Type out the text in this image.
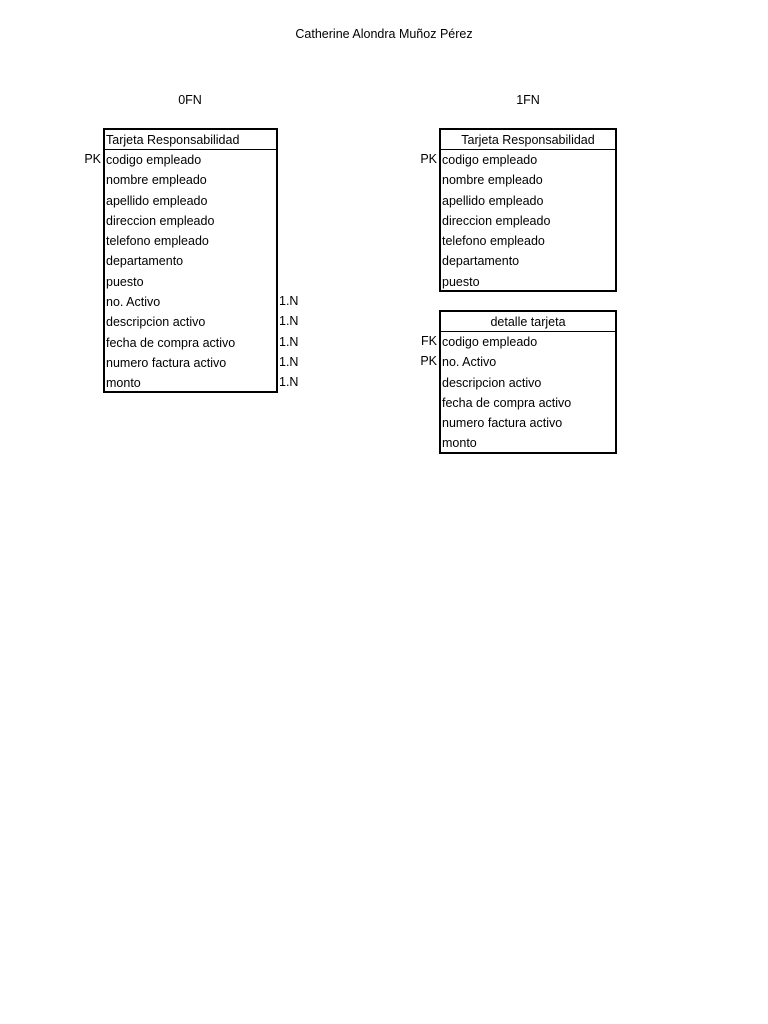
Catherine Alondra Muñoz Pérez
0FN	1FN
Tarjeta Responsabilidad
codigo empleado
nombre empleado
apellido empleado
direccion empleado
telefono empleado
departamento
puesto
no. Activo
descripcion activo
fecha de compra activo
numero factura activo
monto
Tarjeta Responsabilidad
codigo empleado
nombre empleado
apellido empleado
direccion empleado
telefono empleado
departamento
puesto
detalle tarjeta
codigo empleado
no. Activo
descripcion activo
fecha de compra activo
numero factura activo
monto
PK
1.N
1.N
1.N
1.N
1.N
PK
FK
PK
